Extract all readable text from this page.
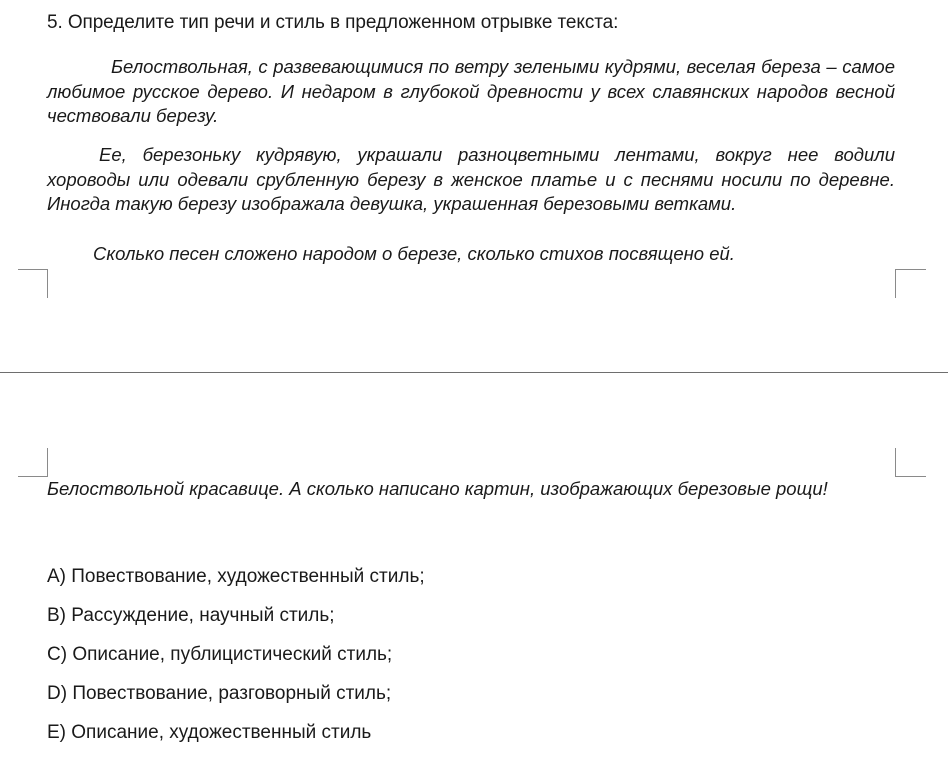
5. Определите тип речи и стиль в предложенном отрывке текста:

Белоствольная, с развевающимися по ветру зелеными кудрями, веселая береза – самое любимое русское дерево. И недаром в глубокой древности у всех славянских народов весной чествовали березу.

Ее, березоньку кудрявую, украшали разноцветными лентами, вокруг нее водили хороводы или одевали срубленную березу в женское платье и с песнями носили по деревне. Иногда такую березу изображала девушка, украшенная березовыми ветками.

Сколько песен сложено народом о березе, сколько стихов посвящено ей.

Белоствольной красавице. А сколько написано картин, изображающих березовые рощи!

A) Повествование, художественный стиль;
B) Рассуждение, научный стиль;
C) Описание, публицистический стиль;
D) Повествование, разговорный стиль;
E) Описание, художественный стиль
